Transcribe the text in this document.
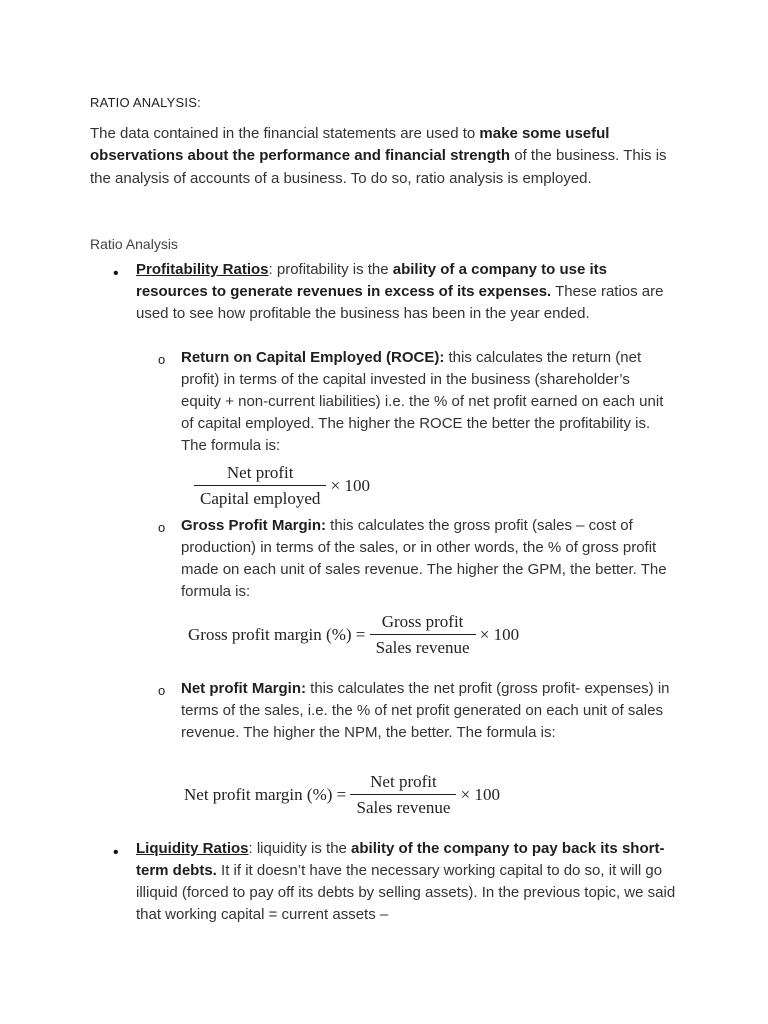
RATIO ANALYSIS:
The data contained in the financial statements are used to make some useful observations about the performance and financial strength of the business. This is the analysis of accounts of a business. To do so, ratio analysis is employed.
Ratio Analysis
• Profitability Ratios: profitability is the ability of a company to use its resources to generate revenues in excess of its expenses. These ratios are used to see how profitable the business has been in the year ended.
o Return on Capital Employed (ROCE): this calculates the return (net profit) in terms of the capital invested in the business (shareholder’s equity + non-current liabilities) i.e. the % of net profit earned on each unit of capital employed. The higher the ROCE the better the profitability is. The formula is:
$\frac{\text{Net profit}}{\text{Capital employed}} \times 100$
o Gross Profit Margin: this calculates the gross profit (sales – cost of production) in terms of the sales, or in other words, the % of gross profit made on each unit of sales revenue. The higher the GPM, the better. The formula is:
Gross profit margin (%) = $\frac{\text{Gross profit}}{\text{Sales revenue}} \times 100$
o Net profit Margin: this calculates the net profit (gross profit- expenses) in terms of the sales, i.e. the % of net profit generated on each unit of sales revenue. The higher the NPM, the better. The formula is:
Net profit margin (%) = $\frac{\text{Net profit}}{\text{Sales revenue}} \times 100$
• Liquidity Ratios: liquidity is the ability of the company to pay back its short-term debts. It if it doesn’t have the necessary working capital to do so, it will go illiquid (forced to pay off its debts by selling assets). In the previous topic, we said that working capital = current assets –
